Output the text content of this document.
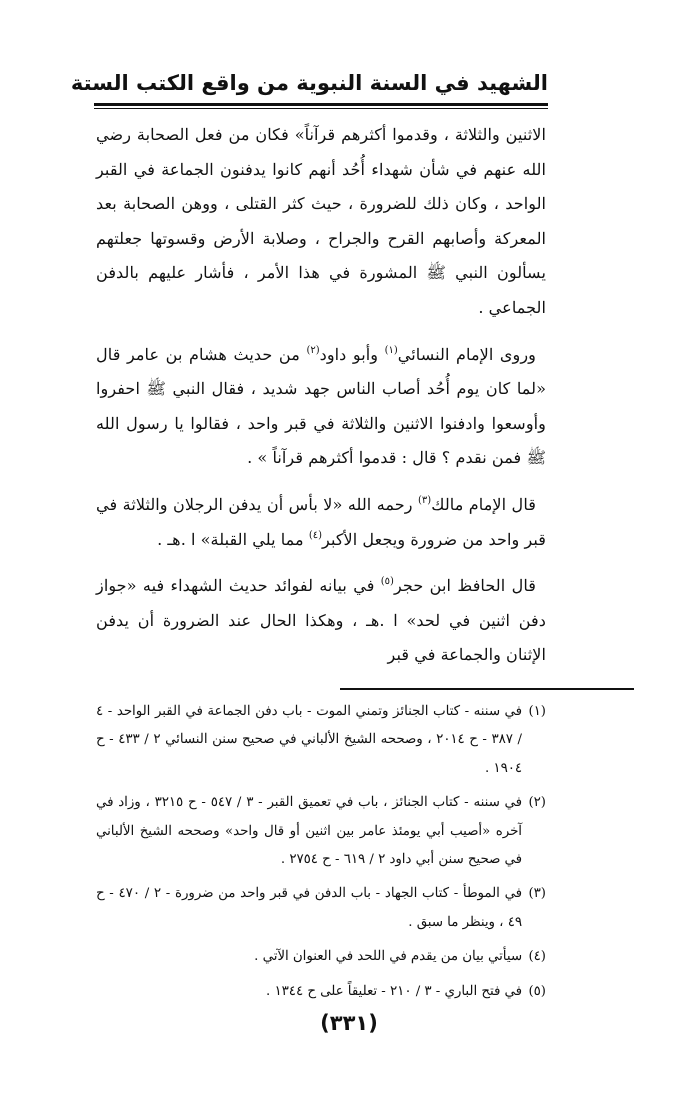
الشهيد في السنة النبوية من واقع الكتب الستة

الاثنين والثلاثة ، وقدموا أكثرهم قرآناً» فكان من فعل الصحابة رضي الله عنهم في شأن شهداء أُحُد أنهم كانوا يدفنون الجماعة في القبر الواحد ، وكان ذلك للضرورة ، حيث كثر القتلى ، ووهن الصحابة بعد المعركة وأصابهم القرح والجراح ، وصلابة الأرض وقسوتها جعلتهم يسألون النبي ﷺ المشورة في هذا الأمر ، فأشار عليهم بالدفن الجماعي .

وروى الإمام النسائي$^{(١)}$ وأبو داود$^{(٢)}$ من حديث هشام بن عامر قال «لما كان يوم أُحُد أصاب الناس جهد شديد ، فقال النبي ﷺ احفروا وأوسعوا وادفنوا الاثنين والثلاثة في قبر واحد ، فقالوا يا رسول الله ﷺ فمن نقدم ؟ قال : قدموا أكثرهم قرآناً » .

قال الإمام مالك$^{(٣)}$ رحمه الله «لا بأس أن يدفن الرجلان والثلاثة في قبر واحد من ضرورة ويجعل الأكبر$^{(٤)}$ مما يلي القبلة» ا .هـ .

قال الحافظ ابن حجر$^{(٥)}$ في بيانه لفوائد حديث الشهداء فيه «جواز دفن اثنين في لحد» ا .هـ ، وهكذا الحال عند الضرورة أن يدفن الإثنان والجماعة في قبر

(١)
في سننه - كتاب الجنائز وتمني الموت - باب دفن الجماعة في القبر الواحد - ٤ / ٣٨٧ - ح ٢٠١٤ ، وصححه الشيخ الألباني في صحيح سنن النسائي ٢ / ٤٣٣ - ح ١٩٠٤ .
(٢)
في سننه - كتاب الجنائز ، باب في تعميق القبر - ٣ / ٥٤٧ - ح ٣٢١٥ ، وزاد في آخره «أصيب أبي يومئذ عامر بين اثنين أو قال واحد» وصححه الشيخ الألباني في صحيح سنن أبي داود ٢ / ٦١٩ - ح ٢٧٥٤ .
(٣)
في الموطأ - كتاب الجهاد - باب الدفن في قبر واحد من ضرورة - ٢ / ٤٧٠ - ح ٤٩ ، وينظر ما سبق .
(٤)
سيأتي بيان من يقدم في اللحد في العنوان الآتي .
(٥)
في فتح الباري - ٣ / ٢١٠ - تعليقاً على ح ١٣٤٤ .
(٣٣١)
